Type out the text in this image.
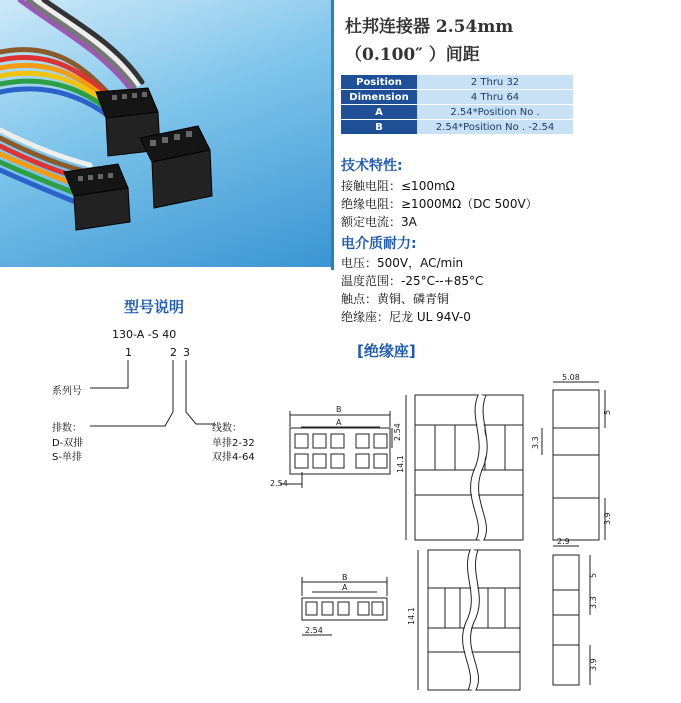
杜邦连接器 2.54mm
（0.100″ ）间距
Position	2 Thru 32
Dimension	4 Thru 64
A	2.54*Position No .
B	2.54*Position No . -2.54
技术特性:
接触电阻：≤100mΩ
绝缘电阻：≥1000MΩ（DC 500V）
额定电流：3A
电介质耐力:
电压：500V，AC/min
温度范围：-25°C--+85°C
触点：黄铜、磷青铜
绝缘座：尼龙 UL 94V-0
[绝缘座]
型号说明
130-A -S 40
1	2 3
系列号
排数：
D-双排
S-单排
线数：
单排2-32
双排4-64
B
A
2.54
2.54
14.1
5.08
5
3.3
3.9
B
A
2.54
14.1
2.9
5
3.3
3.9
